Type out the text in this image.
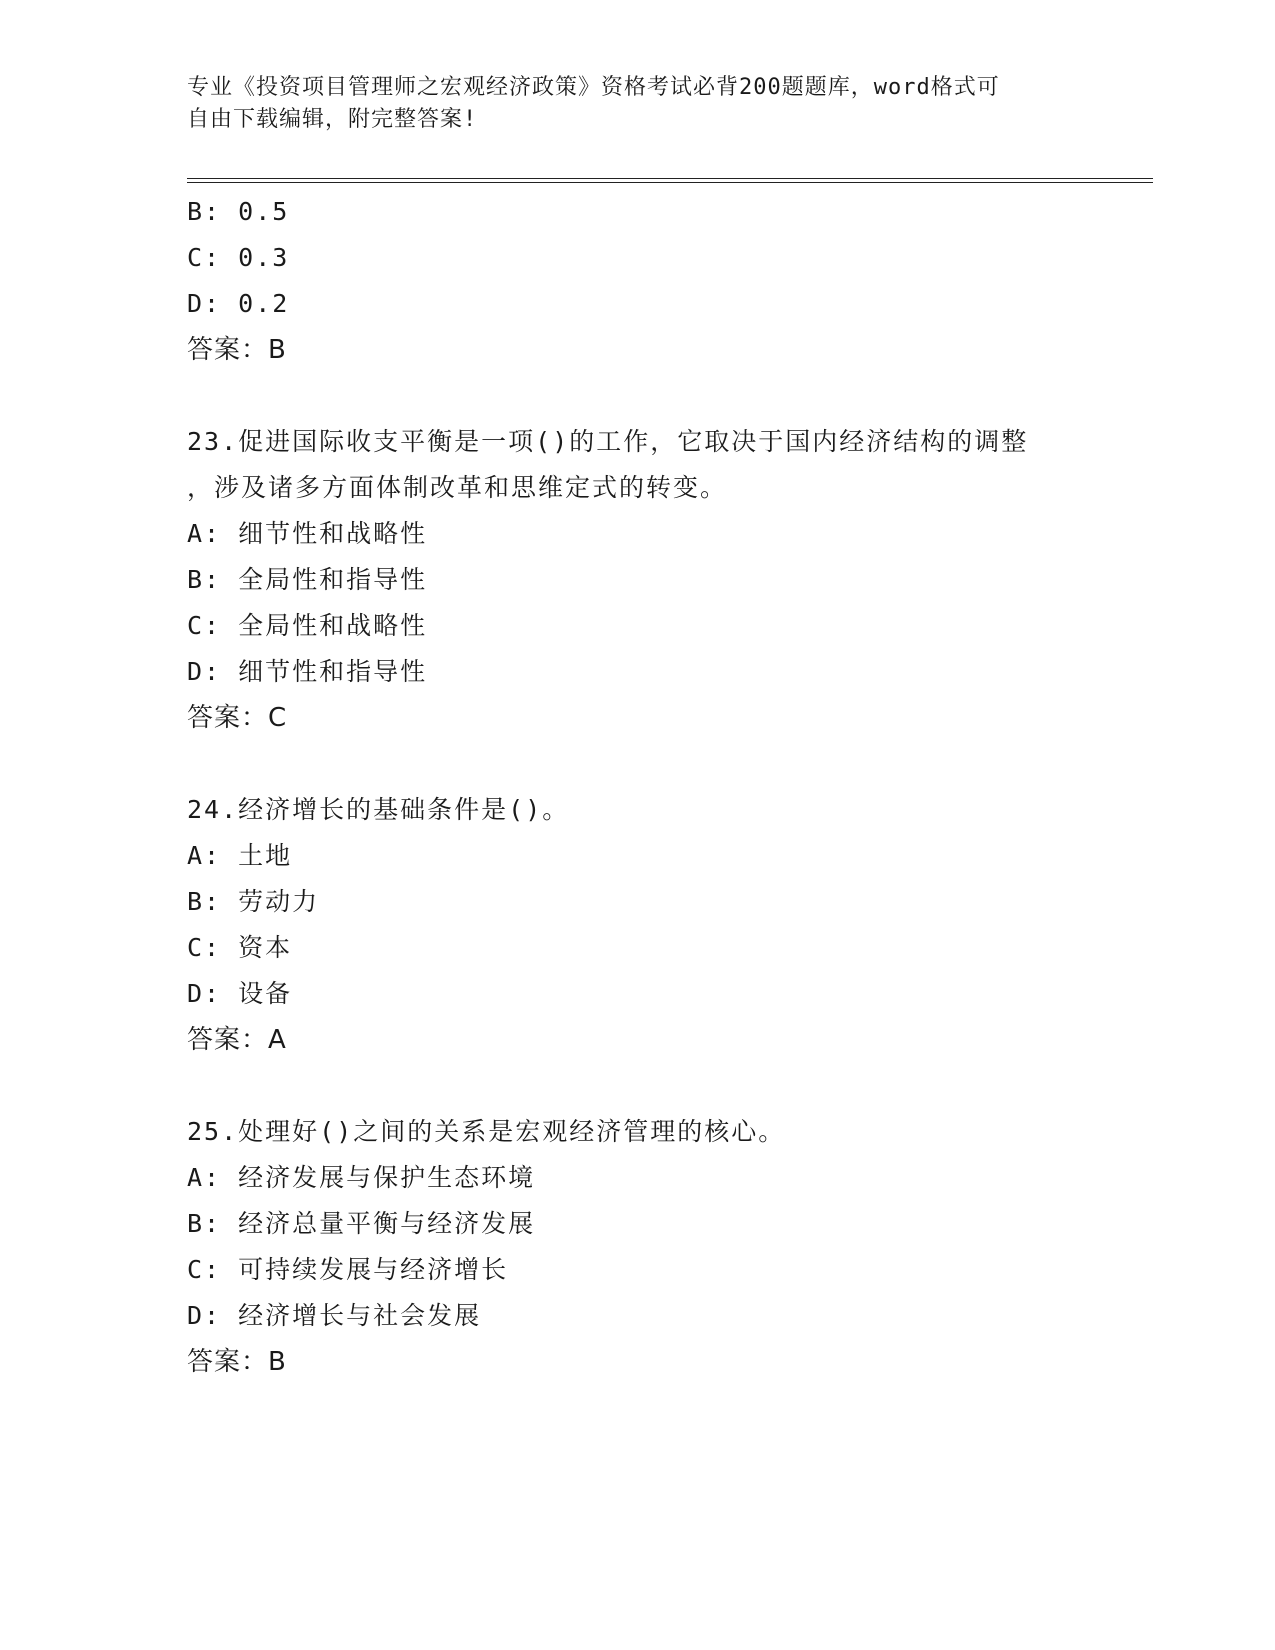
专业《投资项目管理师之宏观经济政策》资格考试必背200题题库，word格式可
自由下载编辑，附完整答案!
B: 0.5
C: 0.3
D: 0.2
答案：B
23.促进国际收支平衡是一项()的工作，它取决于国内经济结构的调整
，涉及诸多方面体制改革和思维定式的转变。
A: 细节性和战略性
B: 全局性和指导性
C: 全局性和战略性
D: 细节性和指导性
答案：C
24.经济增长的基础条件是()。
A: 土地
B: 劳动力
C: 资本
D: 设备
答案：A
25.处理好()之间的关系是宏观经济管理的核心。
A: 经济发展与保护生态环境
B: 经济总量平衡与经济发展
C: 可持续发展与经济增长
D: 经济增长与社会发展
答案：B
